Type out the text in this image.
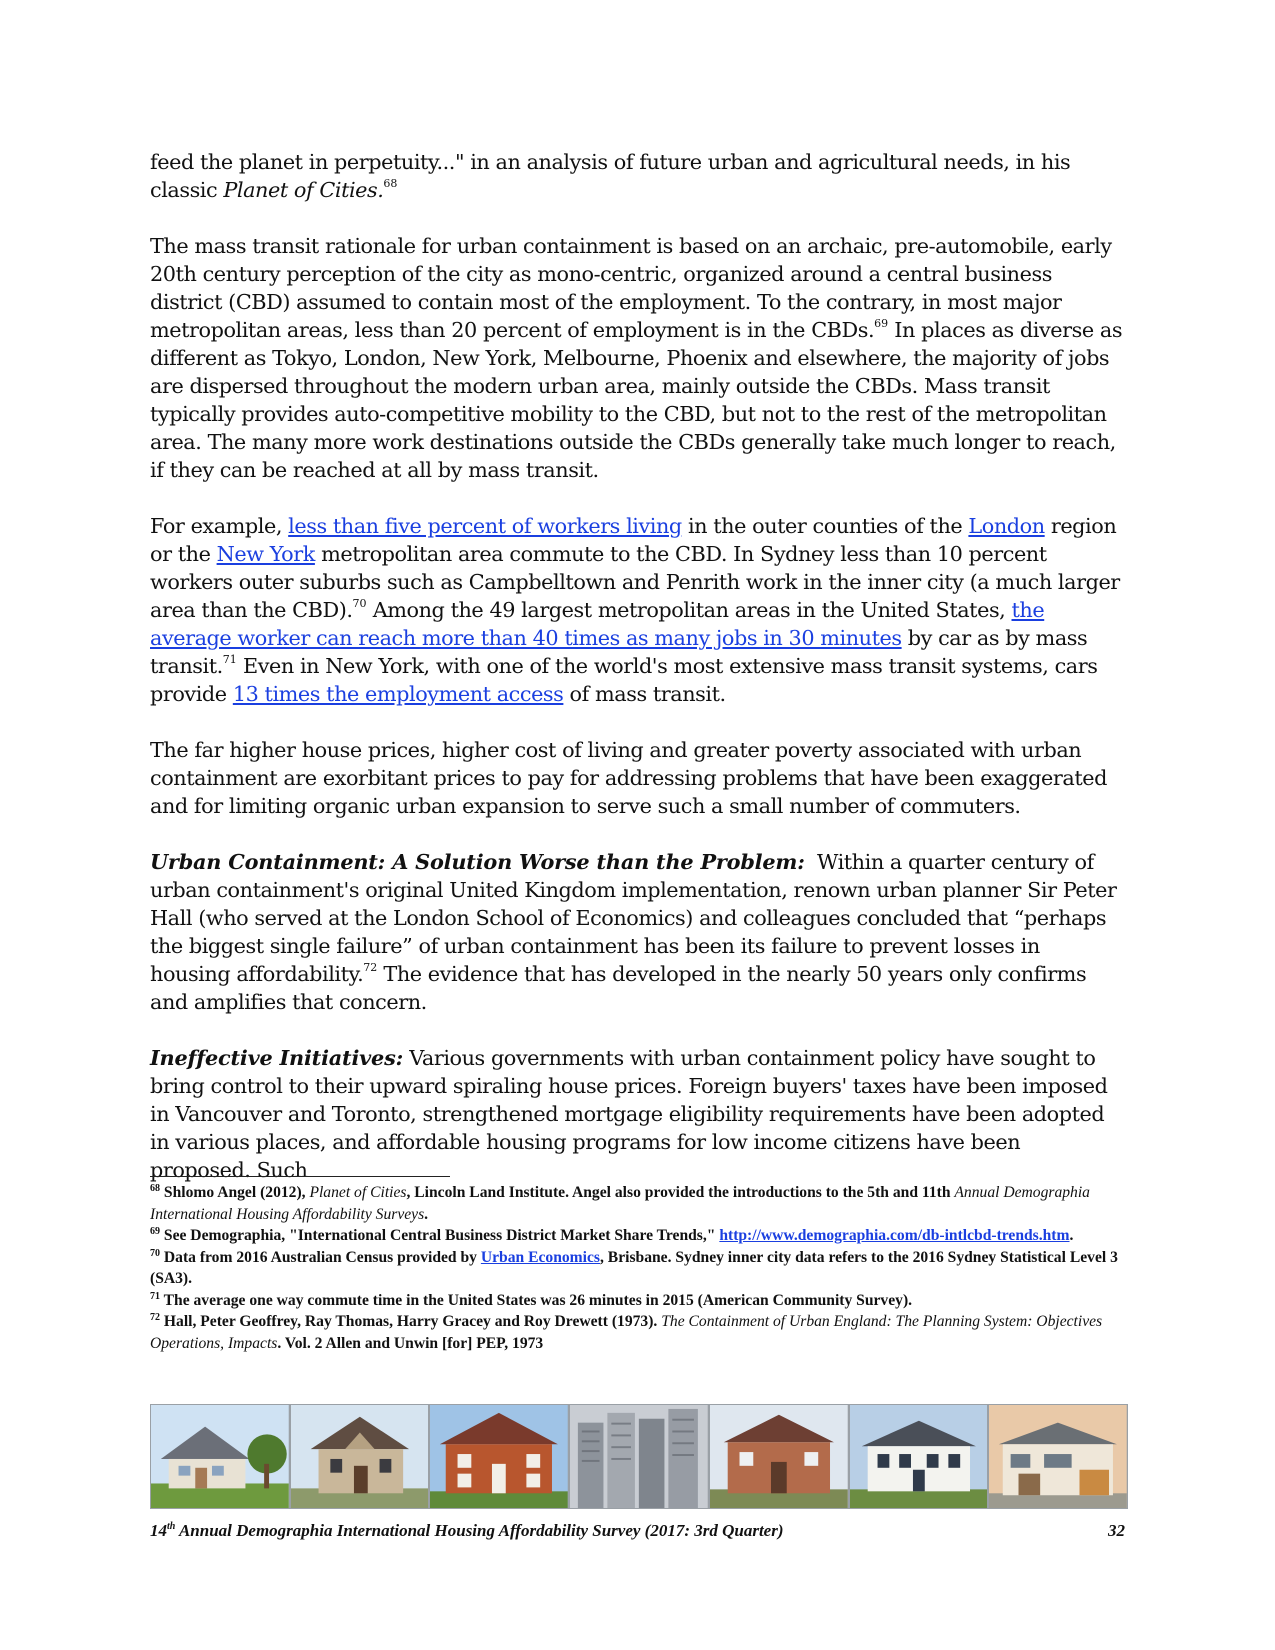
feed the planet in perpetuity..." in an analysis of future urban and agricultural needs, in his classic Planet of Cities.$^{68}$

The mass transit rationale for urban containment is based on an archaic, pre-automobile, early 20th century perception of the city as mono-centric, organized around a central business district (CBD) assumed to contain most of the employment. To the contrary, in most major metropolitan areas, less than 20 percent of employment is in the CBDs.$^{69}$ In places as diverse as different as Tokyo, London, New York, Melbourne, Phoenix and elsewhere, the majority of jobs are dispersed throughout the modern urban area, mainly outside the CBDs. Mass transit typically provides auto-competitive mobility to the CBD, but not to the rest of the metropolitan area. The many more work destinations outside the CBDs generally take much longer to reach, if they can be reached at all by mass transit.

For example, less than five percent of workers living in the outer counties of the London region or the New York metropolitan area commute to the CBD. In Sydney less than 10 percent workers outer suburbs such as Campbelltown and Penrith work in the inner city (a much larger area than the CBD).$^{70}$ Among the 49 largest metropolitan areas in the United States, the average worker can reach more than 40 times as many jobs in 30 minutes by car as by mass transit.$^{71}$ Even in New York, with one of the world's most extensive mass transit systems, cars provide 13 times the employment access of mass transit.

The far higher house prices, higher cost of living and greater poverty associated with urban containment are exorbitant prices to pay for addressing problems that have been exaggerated and for limiting organic urban expansion to serve such a small number of commuters.

Urban Containment: A Solution Worse than the Problem:  Within a quarter century of urban containment's original United Kingdom implementation, renown urban planner Sir Peter Hall (who served at the London School of Economics) and colleagues concluded that “perhaps the biggest single failure” of urban containment has been its failure to prevent losses in housing affordability.$^{72}$ The evidence that has developed in the nearly 50 years only confirms and amplifies that concern.

Ineffective Initiatives: Various governments with urban containment policy have sought to bring control to their upward spiraling house prices. Foreign buyers' taxes have been imposed in Vancouver and Toronto, strengthened mortgage eligibility requirements have been adopted in various places, and affordable housing programs for low income citizens have been proposed. Such

$^{68}$ Shlomo Angel (2012), Planet of Cities, Lincoln Land Institute. Angel also provided the introductions to the 5th and 11th Annual Demographia International Housing Affordability Surveys.

$^{69}$ See Demographia, "International Central Business District Market Share Trends," http://www.demographia.com/db-intlcbd-trends.htm.

$^{70}$ Data from 2016 Australian Census provided by Urban Economics, Brisbane. Sydney inner city data refers to the 2016 Sydney Statistical Level 3 (SA3).

$^{71}$ The average one way commute time in the United States was 26 minutes in 2015 (American Community Survey).

$^{72}$ Hall, Peter Geoffrey, Ray Thomas, Harry Gracey and Roy Drewett (1973). The Containment of Urban England: The Planning System: Objectives Operations, Impacts. Vol. 2 Allen and Unwin [for] PEP, 1973

14th Annual Demographia International Housing Affordability Survey (2017: 3rd Quarter)	32
